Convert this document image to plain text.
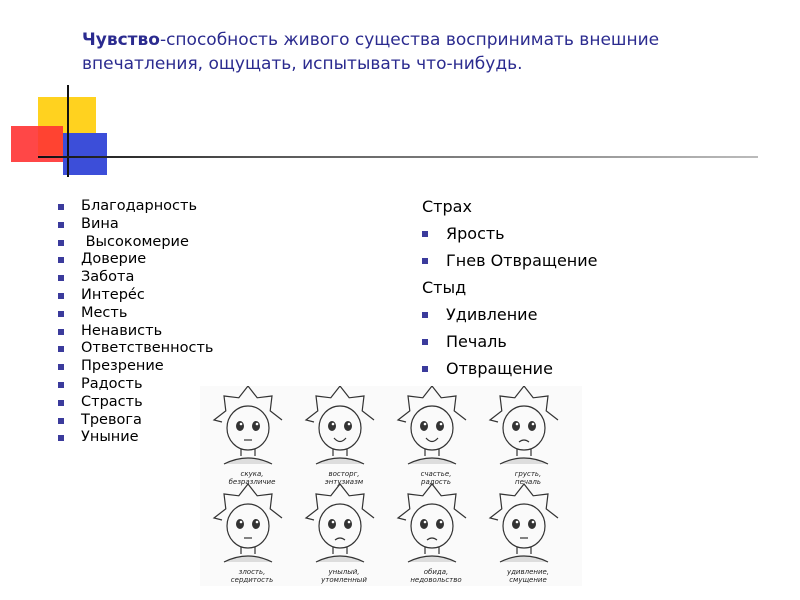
Чувство-способность живого существа воспринимать внешние впечатления, ощущать, испытывать что-нибудь.
Благодарность
Вина
Высокомерие
Доверие
Забота
Интерéс
Месть
Ненависть
Ответственность
Презрение
Радость
Страсть
Тревога
Уныние
Страх
Ярость
Гнев Отвращение
Стыд
Удивление
Печаль
Отвращение
скука,
безразличие
восторг,
энтузиазм
счастье,
радость
грусть,
печаль
злость,
сердитость
унылый,
утомленный
обида,
недовольство
удивление,
смущение
